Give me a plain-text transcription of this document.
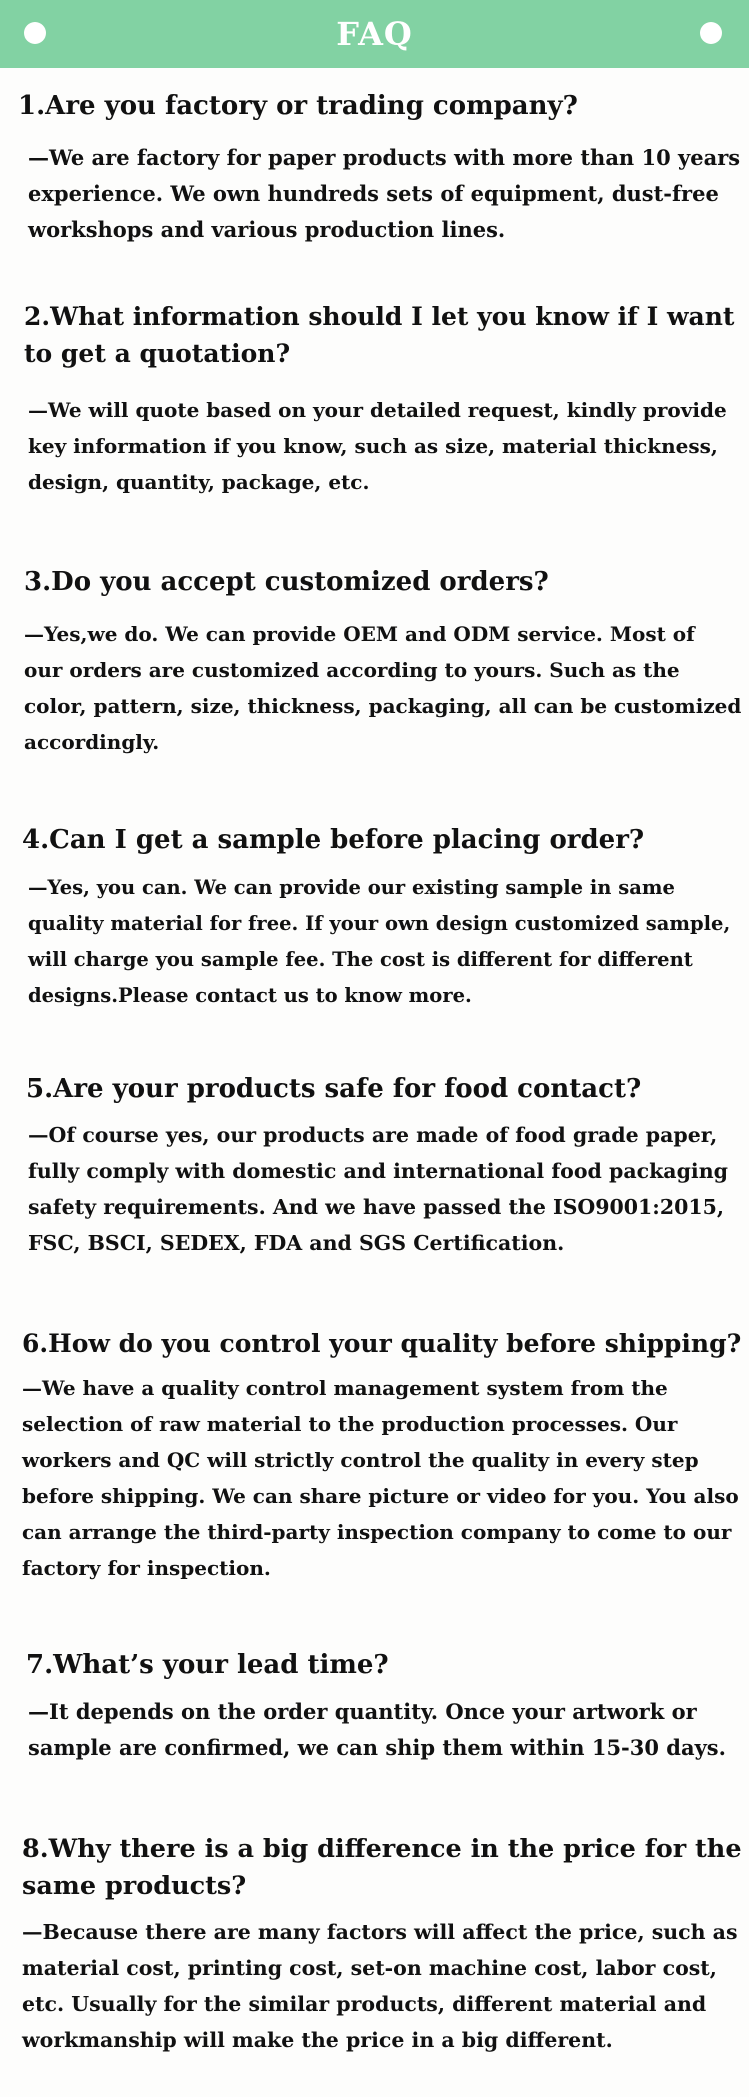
FAQ
1.Are you factory or trading company?
—We are factory for paper products with more than 10 years
experience. We own hundreds sets of equipment, dust-free
workshops and various production lines.
2.What information should I let you know if I want
to get a quotation?
—We will quote based on your detailed request, kindly provide
key information if you know, such as size, material thickness,
design, quantity, package, etc.
3.Do you accept customized orders?
—Yes,we do. We can provide OEM and ODM service. Most of
our orders are customized according to yours. Such as the
color, pattern, size, thickness, packaging, all can be customized
accordingly.
4.Can I get a sample before placing order?
—Yes, you can. We can provide our existing sample in same
quality material for free. If your own design customized sample,
will charge you sample fee. The cost is different for different
designs.Please contact us to know more.
5.Are your products safe for food contact?
—Of course yes, our products are made of food grade paper,
fully comply with domestic and international food packaging
safety requirements. And we have passed the ISO9001:2015,
FSC, BSCI, SEDEX, FDA and SGS Certification.
6.How do you control your quality before shipping?
—We have a quality control management system from the
selection of raw material to the production processes. Our
workers and QC will strictly control the quality in every step
before shipping. We can share picture or video for you. You also
can arrange the third-party inspection company to come to our
factory for inspection.
7.What’s your lead time?
—It depends on the order quantity. Once your artwork or
sample are confirmed, we can ship them within 15-30 days.
8.Why there is a big difference in the price for the
same products?
—Because there are many factors will affect the price, such as
material cost, printing cost, set-on machine cost, labor cost,
etc. Usually for the similar products, different material and
workmanship will make the price in a big different.
